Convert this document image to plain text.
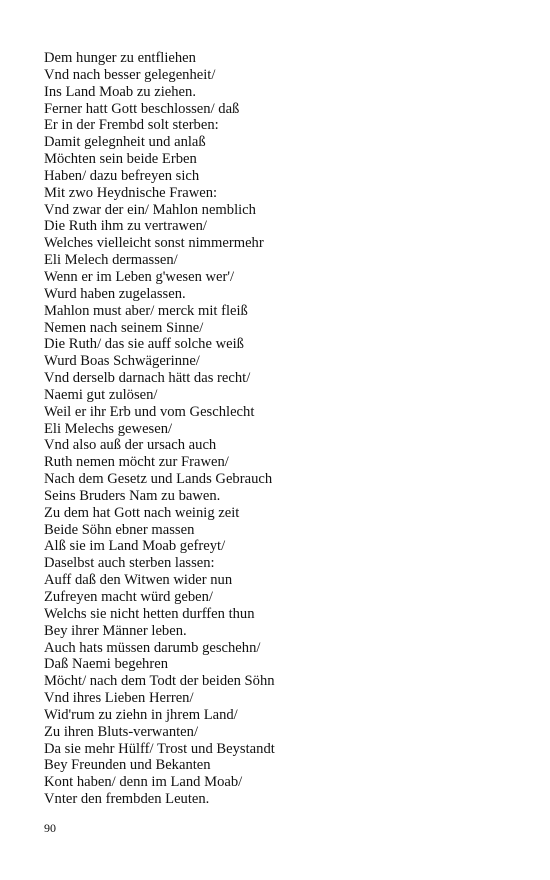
Dem hunger zu entfliehen
Vnd nach besser gelegenheit/
Ins Land Moab zu ziehen.
Ferner hatt Gott beschlossen/ daß
Er in der Frembd solt sterben:
Damit gelegnheit und anlaß
Möchten sein beide Erben
Haben/ dazu befreyen sich
Mit zwo Heydnische Frawen:
Vnd zwar der ein/ Mahlon nemblich
Die Ruth ihm zu vertrawen/
Welches vielleicht sonst nimmermehr
Eli Melech dermassen/
Wenn er im Leben g'wesen wer'/
Wurd haben zugelassen.
Mahlon must aber/ merck mit fleiß
Nemen nach seinem Sinne/
Die Ruth/ das sie auff solche weiß
Wurd Boas Schwägerinne/
Vnd derselb darnach hätt das recht/
Naemi gut zulösen/
Weil er ihr Erb und vom Geschlecht
Eli Melechs gewesen/
Vnd also auß der ursach auch
Ruth nemen möcht zur Frawen/
Nach dem Gesetz und Lands Gebrauch
Seins Bruders Nam zu bawen.
Zu dem hat Gott nach weinig zeit
Beide Söhn ebner massen
Alß sie im Land Moab gefreyt/
Daselbst auch sterben lassen:
Auff daß den Witwen wider nun
Zufreyen macht würd geben/
Welchs sie nicht hetten durffen thun
Bey ihrer Männer leben.
Auch hats müssen darumb geschehn/
Daß Naemi begehren
Möcht/ nach dem Todt der beiden Söhn
Vnd ihres Lieben Herren/
Wid'rum zu ziehn in jhrem Land/
Zu ihren Bluts-verwanten/
Da sie mehr Hülff/ Trost und Beystandt
Bey Freunden und Bekanten
Kont haben/ denn im Land Moab/
Vnter den frembden Leuten.
90
